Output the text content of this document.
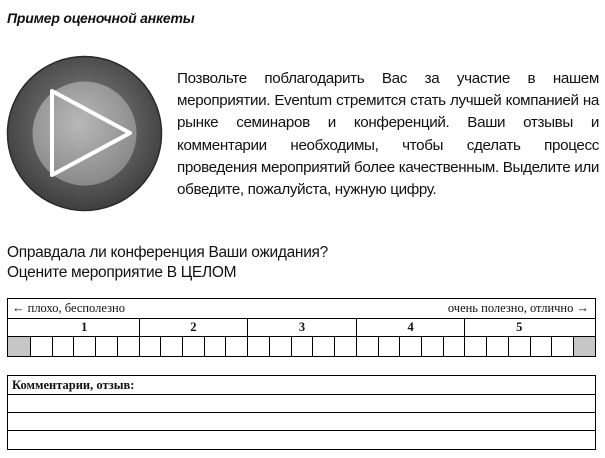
Пример оценочной анкеты
Позвольте поблагодарить Вас за участие в нашем мероприятии. Eventum стремится стать лучшей компанией на рынке семинаров и конференций. Ваши отзывы и комментарии необходимы, чтобы сделать процесс проведения мероприятий более качественным. Выделите или обведите, пожалуйста, нужную цифру.
Оправдала ли конференция Ваши ожидания?
Оцените мероприятие В ЦЕЛОМ
← плохо, бесполезно	очень полезно, отлично →
1	2	3	4	5
Комментарии, отзыв:
